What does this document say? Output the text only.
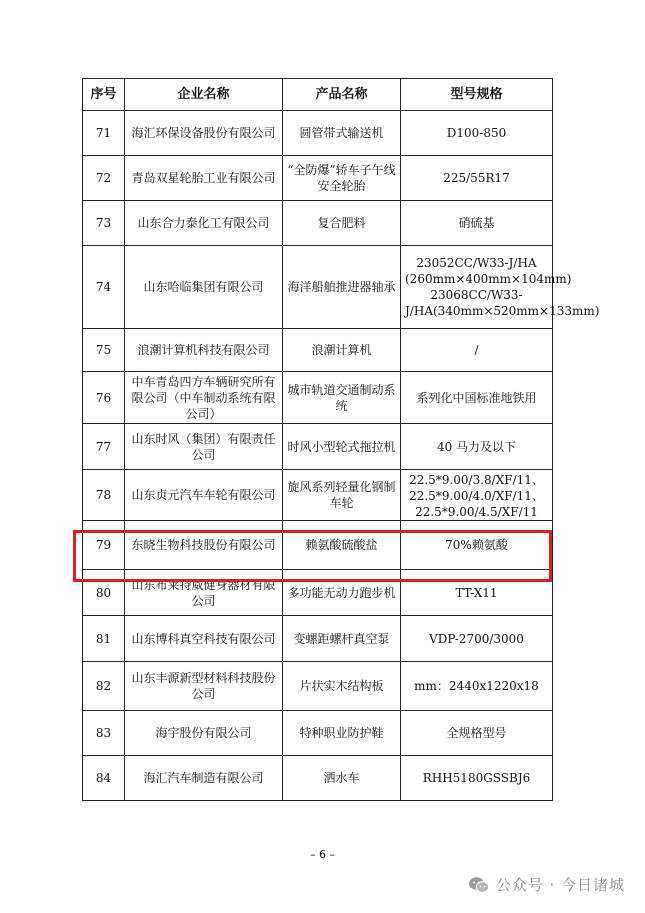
序号	企业名称	产品名称	型号规格

71	海汇环保设备股份有限公司	圆管带式输送机	D100-850

72	青岛双星轮胎工业有限公司	“全防爆”轿车子午线安全轮胎	225/55R17

73	山东合力泰化工有限公司	复合肥料	硝硫基

74	山东哈临集团有限公司	海洋船舶推进器轴承	23052CC/W33-J/HA (260mm×400mm×104mm) 23068CC/W33-J/HA(340mm×520mm×133mm)

75	浪潮计算机科技有限公司	浪潮计算机	/

76	中车青岛四方车辆研究所有限公司（中车制动系统有限公司）	城市轨道交通制动系统	系列化中国标准地铁用

77	山东时风（集团）有限责任公司	时风小型轮式拖拉机	40 马力及以下

78	山东贞元汽车车轮有限公司	旋风系列轻量化钢制车轮	22.5*9.00/3.8/XF/11、22.5*9.00/4.0/XF/11、22.5*9.00/4.5/XF/11

79	东晓生物科技股份有限公司	赖氨酸硫酸盐	70%赖氨酸

80	山东布莱特威健身器材有限公司	多功能无动力跑步机	TT-X11

81	山东博科真空科技有限公司	变螺距螺杆真空泵	VDP-2700/3000

82	山东丰源新型材料科技股份公司	片状实木结构板	mm：2440x1220x18

83	海宇股份有限公司	特种职业防护鞋	全规格型号

84	海汇汽车制造有限公司	洒水车	RHH5180GSSBJ6
– 6 –
公众号 · 今日诸城
